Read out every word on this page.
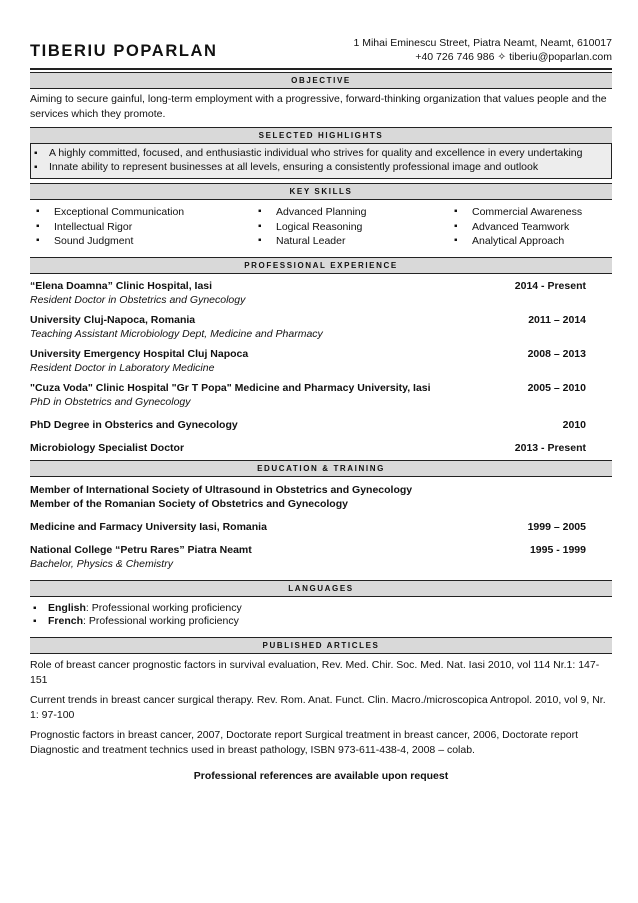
TIBERIU POPARLAN	1 Mihai Eminescu Street, Piatra Neamt, Neamt, 610017
+40 726 746 986 ✧ tiberiu@poparlan.com
OBJECTIVE
Aiming to secure gainful, long-term employment with a progressive, forward-thinking organization that values people and the services which they promote.
SELECTED HIGHLIGHTS
▪ A highly committed, focused, and enthusiastic individual who strives for quality and excellence in every undertaking
▪ Innate ability to represent businesses at all levels, ensuring a consistently professional image and outlook
KEY SKILLS
▪ Exceptional Communication
▪ Intellectual Rigor
▪ Sound Judgment
▪ Advanced Planning
▪ Logical Reasoning
▪ Natural Leader
▪ Commercial Awareness
▪ Advanced Teamwork
▪ Analytical Approach
PROFESSIONAL EXPERIENCE
“Elena Doamna” Clinic Hospital, Iasi	2014 - Present
Resident Doctor in Obstetrics and Gynecology
University Cluj-Napoca, Romania	2011 – 2014
Teaching Assistant Microbiology Dept, Medicine and Pharmacy
University Emergency Hospital Cluj Napoca	2008 – 2013
Resident Doctor in Laboratory Medicine
"Cuza Voda" Clinic Hospital "Gr T Popa" Medicine and Pharmacy University, Iasi	2005 – 2010
PhD in Obstetrics and Gynecology
PhD Degree in Obsterics and Gynecology	2010
Microbiology Specialist Doctor	2013 - Present
EDUCATION & TRAINING
Member of International Society of Ultrasound in Obstetrics and Gynecology
Member of the Romanian Society of Obstetrics and Gynecology
Medicine and Farmacy University Iasi, Romania	1999 – 2005
National College “Petru Rares” Piatra Neamt	1995 - 1999
Bachelor, Physics & Chemistry
LANGUAGES
▪ English: Professional working proficiency
▪ French: Professional working proficiency
PUBLISHED ARTICLES
Role of breast cancer prognostic factors in survival evaluation, Rev. Med. Chir. Soc. Med. Nat. Iasi 2010, vol 114 Nr.1: 147-151
Current trends in breast cancer surgical therapy. Rev. Rom. Anat. Funct. Clin. Macro./microscopica Antropol. 2010, vol 9, Nr. 1: 97-100
Prognostic factors in breast cancer, 2007, Doctorate report Surgical treatment in breast cancer, 2006, Doctorate report Diagnostic and treatment technics used in breast pathology, ISBN 973-611-438-4, 2008 – colab.
Professional references are available upon request
